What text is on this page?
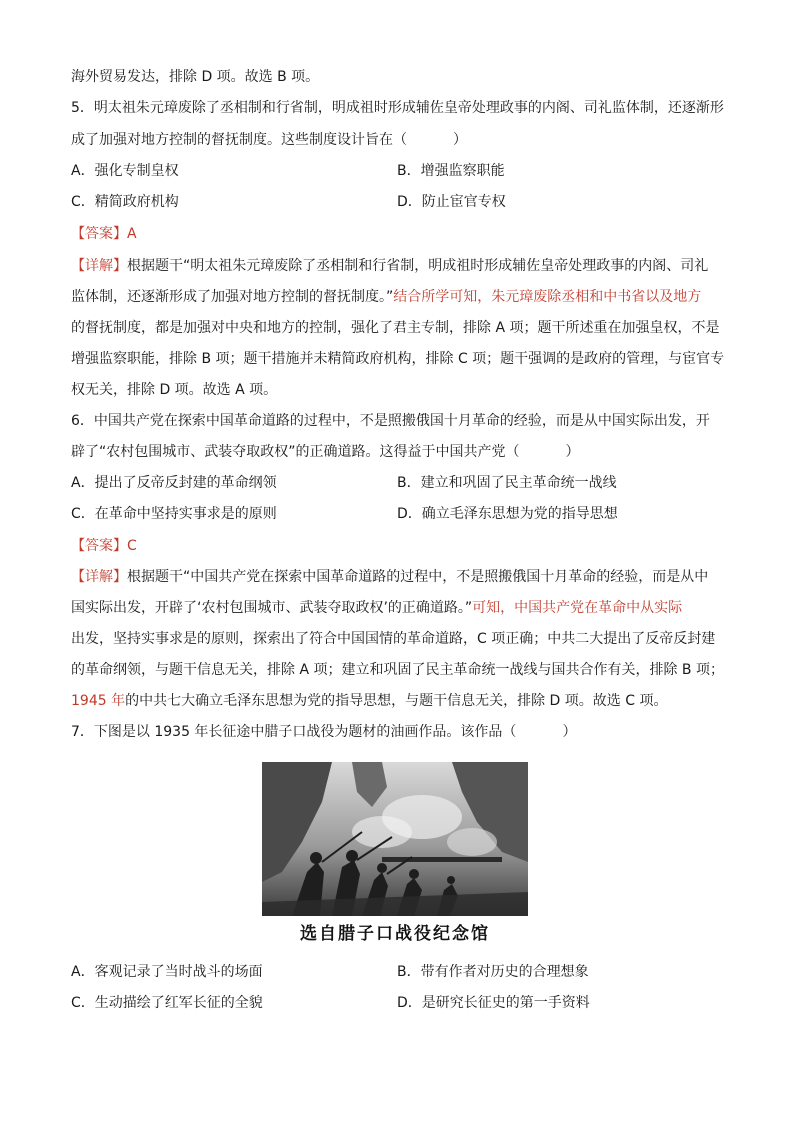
海外贸易发达，排除 D 项。故选 B 项。
5．明太祖朱元璋废除了丞相制和行省制，明成祖时形成辅佐皇帝处理政事的内阁、司礼监体制，还逐渐形
成了加强对地方控制的督抚制度。这些制度设计旨在（	）
A．强化专制皇权	B．增强监察职能
C．精简政府机构	D．防止宦官专权
【答案】A
【详解】根据题干“明太祖朱元璋废除了丞相制和行省制，明成祖时形成辅佐皇帝处理政事的内阁、司礼
监体制，还逐渐形成了加强对地方控制的督抚制度。”结合所学可知，朱元璋废除丞相和中书省以及地方
的督抚制度，都是加强对中央和地方的控制，强化了君主专制，排除 A 项；题干所述重在加强皇权，不是
增强监察职能，排除 B 项；题干措施并未精简政府机构，排除 C 项；题干强调的是政府的管理，与宦官专
权无关，排除 D 项。故选 A 项。
6．中国共产党在探索中国革命道路的过程中，不是照搬俄国十月革命的经验，而是从中国实际出发，开
辟了“农村包围城市、武装夺取政权”的正确道路。这得益于中国共产党（	）
A．提出了反帝反封建的革命纲领	B．建立和巩固了民主革命统一战线
C．在革命中坚持实事求是的原则	D．确立毛泽东思想为党的指导思想
【答案】C
【详解】根据题干“中国共产党在探索中国革命道路的过程中，不是照搬俄国十月革命的经验，而是从中
国实际出发，开辟了‘农村包围城市、武装夺取政权’的正确道路。”可知，中国共产党在革命中从实际
出发，坚持实事求是的原则，探索出了符合中国国情的革命道路，C 项正确；中共二大提出了反帝反封建
的革命纲领，与题干信息无关，排除 A 项；建立和巩固了民主革命统一战线与国共合作有关，排除 B 项；
1945 年的中共七大确立毛泽东思想为党的指导思想，与题干信息无关，排除 D 项。故选 C 项。
7．下图是以 1935 年长征途中腊子口战役为题材的油画作品。该作品（	）
选自腊子口战役纪念馆
A．客观记录了当时战斗的场面	B．带有作者对历史的合理想象
C．生动描绘了红军长征的全貌	D．是研究长征史的第一手资料
